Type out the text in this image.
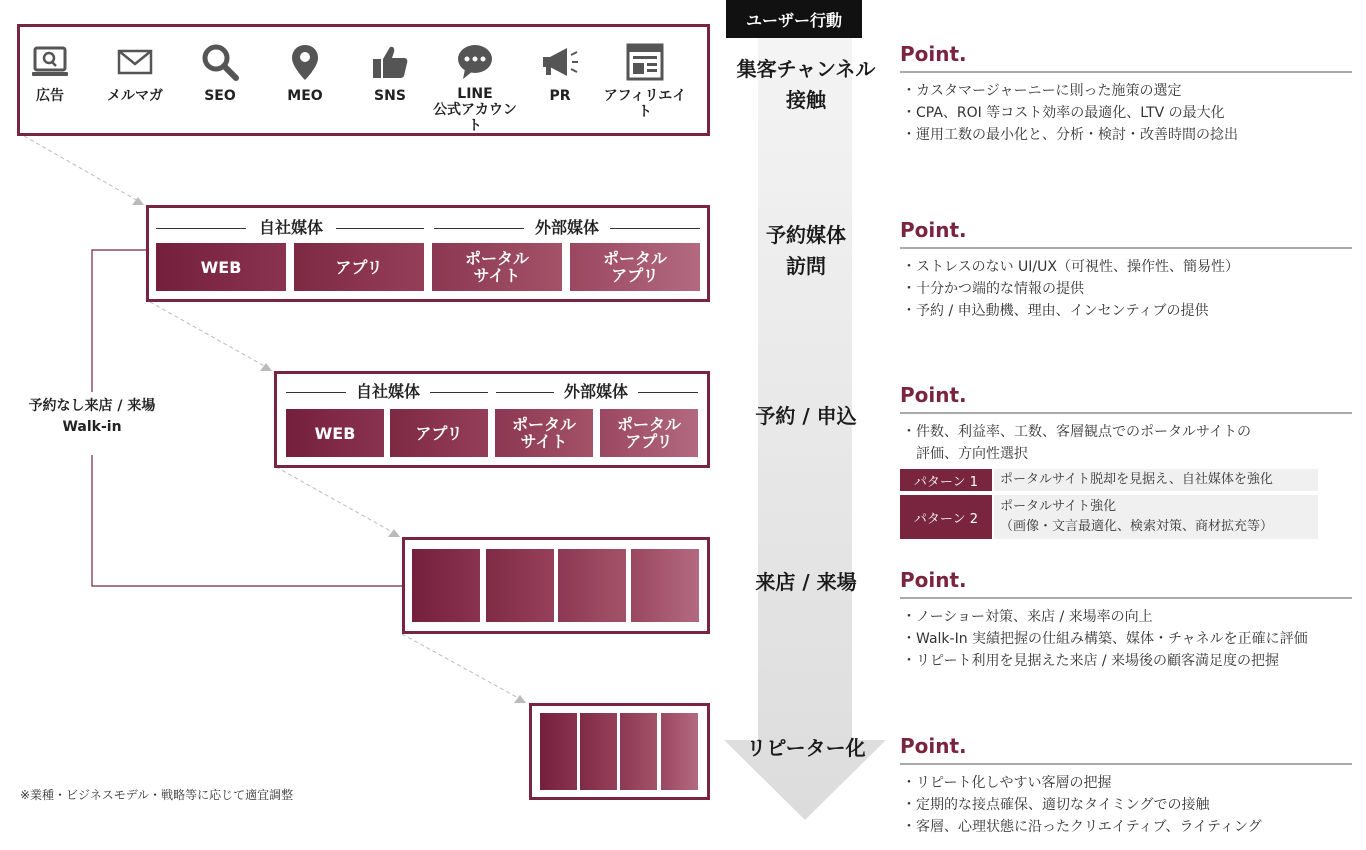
ユーザー行動
予約なし来店 / 来場
Walk-in
広告	メルマガ	SEO	MEO	SNS	LINE
公式アカウント
PR	アフィリエイト
自社媒体	外部媒体
WEB	アプリ	ポータル
サイト
ポータル
アプリ
自社媒体	外部媒体
WEB	アプリ	ポータル
サイト
ポータル
アプリ
※業種・ビジネスモデル・戦略等に応じて適宜調整
集客チャンネル
接触
予約媒体
訪問
予約 / 申込
来店 / 来場
リピーター化
Point.
・カスタマージャーニーに則った施策の選定
・CPA、ROI 等コスト効率の最適化、LTV の最大化
・運用工数の最小化と、分析・検討・改善時間の捻出
Point.
・ストレスのない UI/UX（可視性、操作性、簡易性）
・十分かつ端的な情報の提供
・予約 / 申込動機、理由、インセンティブの提供
Point.
・件数、利益率、工数、客層観点でのポータルサイトの
　評価、方向性選択
パターン 1	ポータルサイト脱却を見据え、自社媒体を強化
パターン 2
ポータルサイト強化
（画像・文言最適化、検索対策、商材拡充等）
Point.
・ノーショー対策、来店 / 来場率の向上
・Walk-In 実績把握の仕組み構築、媒体・チャネルを正確に評価
・リピート利用を見据えた来店 / 来場後の顧客満足度の把握
Point.
・リピート化しやすい客層の把握
・定期的な接点確保、適切なタイミングでの接触
・客層、心理状態に沿ったクリエイティブ、ライティング
